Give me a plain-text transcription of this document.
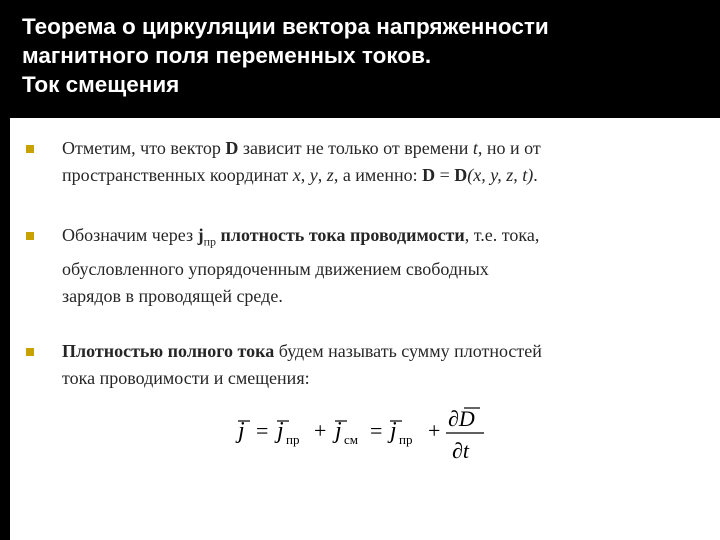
Теорема о циркуляции вектора напряженности
магнитного поля переменных токов.
Ток смещения
Отметим, что вектор D зависит не только от времени t, но и от
пространственных координат x, y, z, а именно: D = D(x, y, z, t).
Обозначим через $j_{пр}$ плотность тока проводимости, т.е. тока,
обусловленного упорядоченным движением свободных
зарядов в проводящей среде.
Плотностью полного тока будем называть сумму плотностей
тока проводимости и смещения:
j = j пр + j см = j пр + ∂D
∂t
